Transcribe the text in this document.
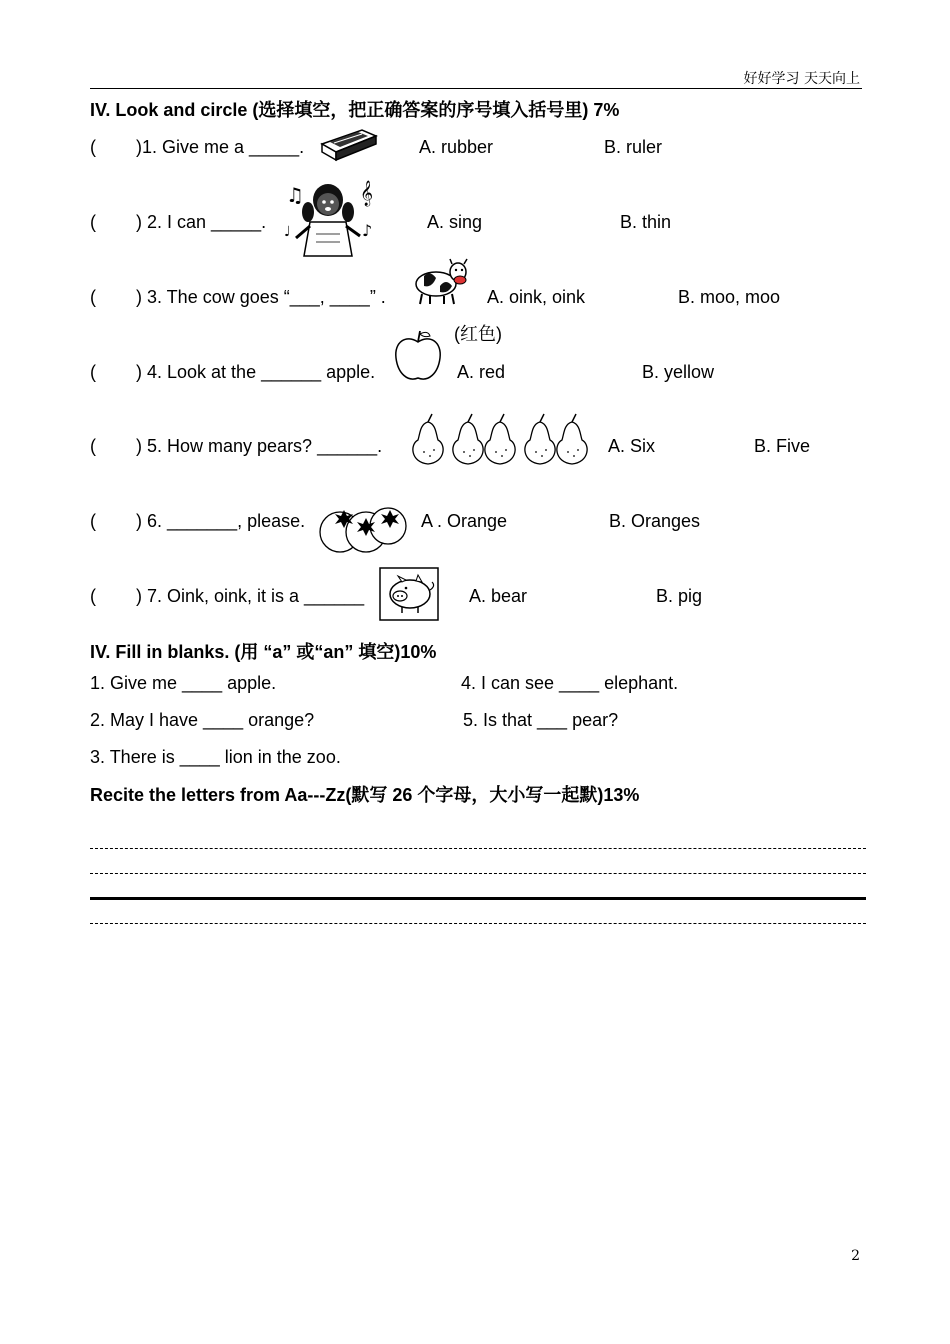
好好学习 天天向上
IV. Look and circle (选择填空，把正确答案的序号填入括号里) 7%
( )1. Give me a _____.	A. rubber	B. ruler
( ) 2. I can _____.
♫	𝄞
♪
♩	A. sing	B. thin
( ) 3. The cow goes “___, ____” .	A. oink, oink	B. moo, moo
(红色)
( ) 4. Look at the ______ apple.	A. red	B. yellow
( ) 5. How many pears? ______.	A. Six	B. Five
( ) 6. _______, please.	A . Orange	B. Oranges
( ) 7. Oink, oink, it is a ______	A. bear	B. pig
IV. Fill in blanks. (用 “a” 或“an” 填空)10%
1. Give me ____ apple.	4. I can see ____ elephant.
2. May I have ____ orange?	5. Is that ___ pear?
3. There is ____ lion in the zoo.
Recite the letters from Aa---Zz(默写 26 个字母，大小写一起默)13%
2
